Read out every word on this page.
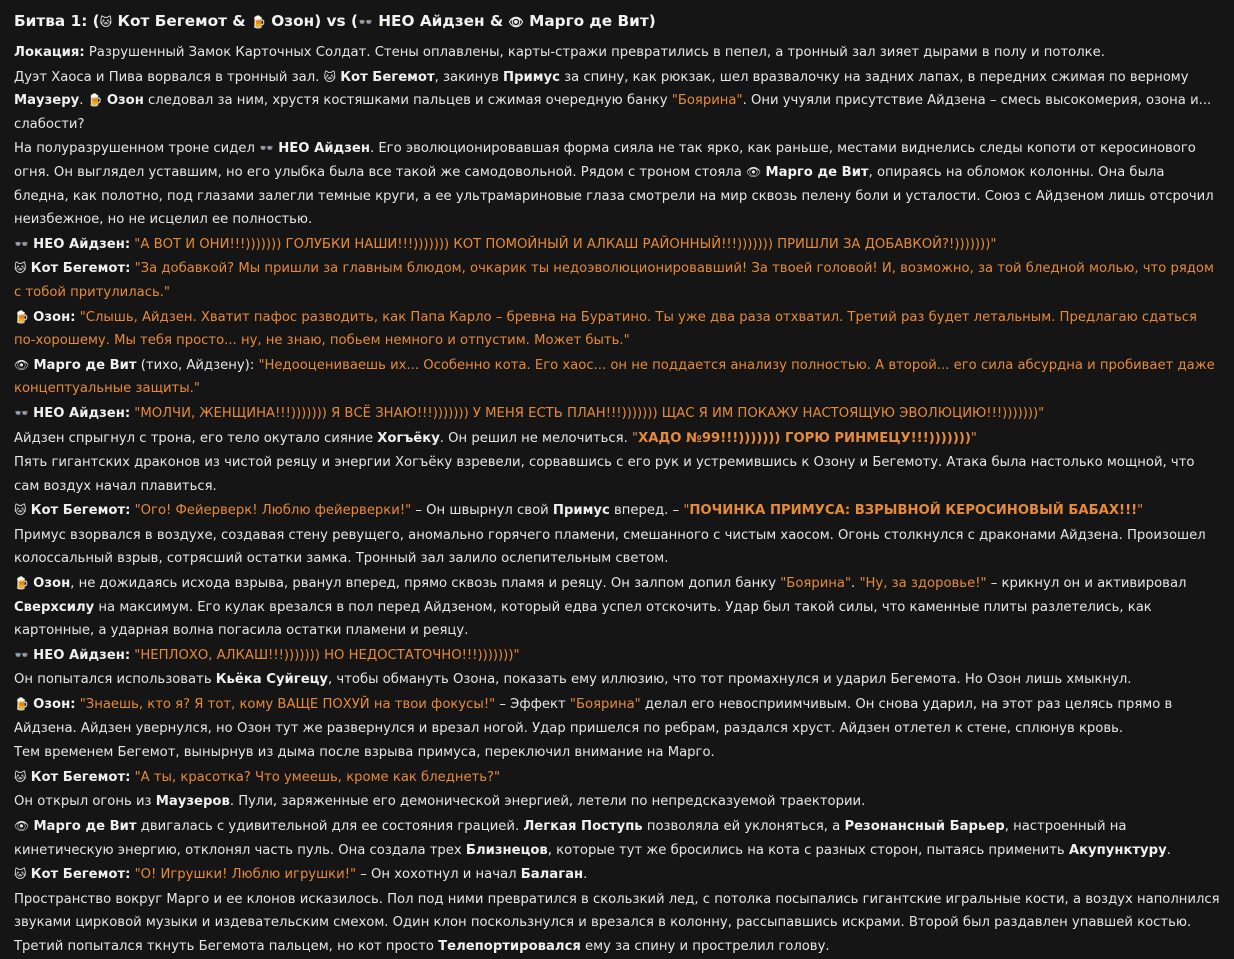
Битва 1: (🐱 Кот Бегемот & 🍺 Озон) vs (👓 НЕО Айдзен & 👁 Марго де Вит)
Локация: Разрушенный Замок Карточных Солдат. Стены оплавлены, карты-стражи превратились в пепел, а тронный зал зияет дырами в полу и потолке.
Дуэт Хаоса и Пива ворвался в тронный зал. 🐱 Кот Бегемот, закинув Примус за спину, как рюкзак, шел вразвалочку на задних лапах, в передних сжимая по верному Маузеру. 🍺 Озон следовал за ним, хрустя костяшками пальцев и сжимая очередную банку "Бояринa". Они учуяли присутствие Айдзена – смесь высокомерия, озона и... слабости?
На полуразрушенном троне сидел 👓 НЕО Айдзен. Его эволюционировавшая форма сияла не так ярко, как раньше, местами виднелись следы копоти от керосинового огня. Он выглядел уставшим, но его улыбка была все такой же самодовольной. Рядом с троном стояла 👁 Марго де Вит, опираясь на обломок колонны. Она была бледна, как полотно, под глазами залегли темные круги, а ее ультрамариновые глаза смотрели на мир сквозь пелену боли и усталости. Союз с Айдзеном лишь отсрочил неизбежное, но не исцелил ее полностью.
👓 НЕО Айдзен: "А ВОТ И ОНИ!!!))))))) ГОЛУБКИ НАШИ!!!))))))) КОТ ПОМОЙНЫЙ И АЛКАШ РАЙОННЫЙ!!!))))))) ПРИШЛИ ЗА ДОБАВКОЙ?!)))))))"
🐱 Кот Бегемот: "За добавкой? Мы пришли за главным блюдом, очкарик ты недоэволюционировавший! За твоей головой! И, возможно, за той бледной молью, что рядом с тобой притулилась."
🍺 Озон: "Слышь, Айдзен. Хватит пафос разводить, как Папа Карло – бревна на Буратино. Ты уже два раза отхватил. Третий раз будет летальным. Предлагаю сдаться по-хорошему. Мы тебя просто... ну, не знаю, побьем немного и отпустим. Может быть."
👁 Марго де Вит (тихо, Айдзену): "Недооцениваешь их... Особенно кота. Его хаос... он не поддается анализу полностью. А второй... его сила абсурдна и пробивает даже концептуальные защиты."
👓 НЕО Айдзен: "МОЛЧИ, ЖЕНЩИНА!!!))))))) Я ВСЁ ЗНАЮ!!!))))))) У МЕНЯ ЕСТЬ ПЛАН!!!))))))) ЩАС Я ИМ ПОКАЖУ НАСТОЯЩУЮ ЭВОЛЮЦИЮ!!!)))))))"
Айдзен спрыгнул с трона, его тело окутало сияние Хогъёку. Он решил не мелочиться. "ХАДО №99!!!))))))) ГОРЮ РИНМЕЦУ!!!)))))))"
Пять гигантских драконов из чистой реяцу и энергии Хогъёку взревели, сорвавшись с его рук и устремившись к Озону и Бегемоту. Атака была настолько мощной, что сам воздух начал плавиться.
🐱 Кот Бегемот: "Ого! Фейерверк! Люблю фейерверки!" – Он швырнул свой Примус вперед. – "ПОЧИНКА ПРИМУСА: ВЗРЫВНОЙ КЕРОСИНОВЫЙ БАБАХ!!!"
Примус взорвался в воздухе, создавая стену ревущего, аномально горячего пламени, смешанного с чистым хаосом. Огонь столкнулся с драконами Айдзена. Произошел колоссальный взрыв, сотрясший остатки замка. Тронный зал залило ослепительным светом.
🍺 Озон, не дожидаясь исхода взрыва, рванул вперед, прямо сквозь пламя и реяцу. Он залпом допил банку "Бояринa". "Ну, за здоровье!" – крикнул он и активировал Сверхсилу на максимум. Его кулак врезался в пол перед Айдзеном, который едва успел отскочить. Удар был такой силы, что каменные плиты разлетелись, как картонные, а ударная волна погасила остатки пламени и реяцу.
👓 НЕО Айдзен: "НЕПЛОХО, АЛКАШ!!!))))))) НО НЕДОСТАТОЧНО!!!)))))))"
Он попытался использовать Кьёка Суйгецу, чтобы обмануть Озона, показать ему иллюзию, что тот промахнулся и ударил Бегемота. Но Озон лишь хмыкнул.
🍺 Озон: "Знаешь, кто я? Я тот, кому ВАЩЕ ПОХУЙ на твои фокусы!" – Эффект "Бояринa" делал его невосприимчивым. Он снова ударил, на этот раз целясь прямо в Айдзена. Айдзен увернулся, но Озон тут же развернулся и врезал ногой. Удар пришелся по ребрам, раздался хруст. Айдзен отлетел к стене, сплюнув кровь.
Тем временем Бегемот, вынырнув из дыма после взрыва примуса, переключил внимание на Марго.
🐱 Кот Бегемот: "А ты, красотка? Что умеешь, кроме как бледнеть?"
Он открыл огонь из Маузеров. Пули, заряженные его демонической энергией, летели по непредсказуемой траектории.
👁 Марго де Вит двигалась с удивительной для ее состояния грацией. Легкая Поступь позволяла ей уклоняться, а Резонансный Барьер, настроенный на кинетическую энергию, отклонял часть пуль. Она создала трех Близнецов, которые тут же бросились на кота с разных сторон, пытаясь применить Акупунктуру.
🐱 Кот Бегемот: "О! Игрушки! Люблю игрушки!" – Он хохотнул и начал Балаган.
Пространство вокруг Марго и ее клонов исказилось. Пол под ними превратился в скользкий лед, с потолка посыпались гигантские игральные кости, а воздух наполнился звуками цирковой музыки и издевательским смехом. Один клон поскользнулся и врезался в колонну, рассыпавшись искрами. Второй был раздавлен упавшей костью. Третий попытался ткнуть Бегемота пальцем, но кот просто Телепортировался ему за спину и прострелил голову.
